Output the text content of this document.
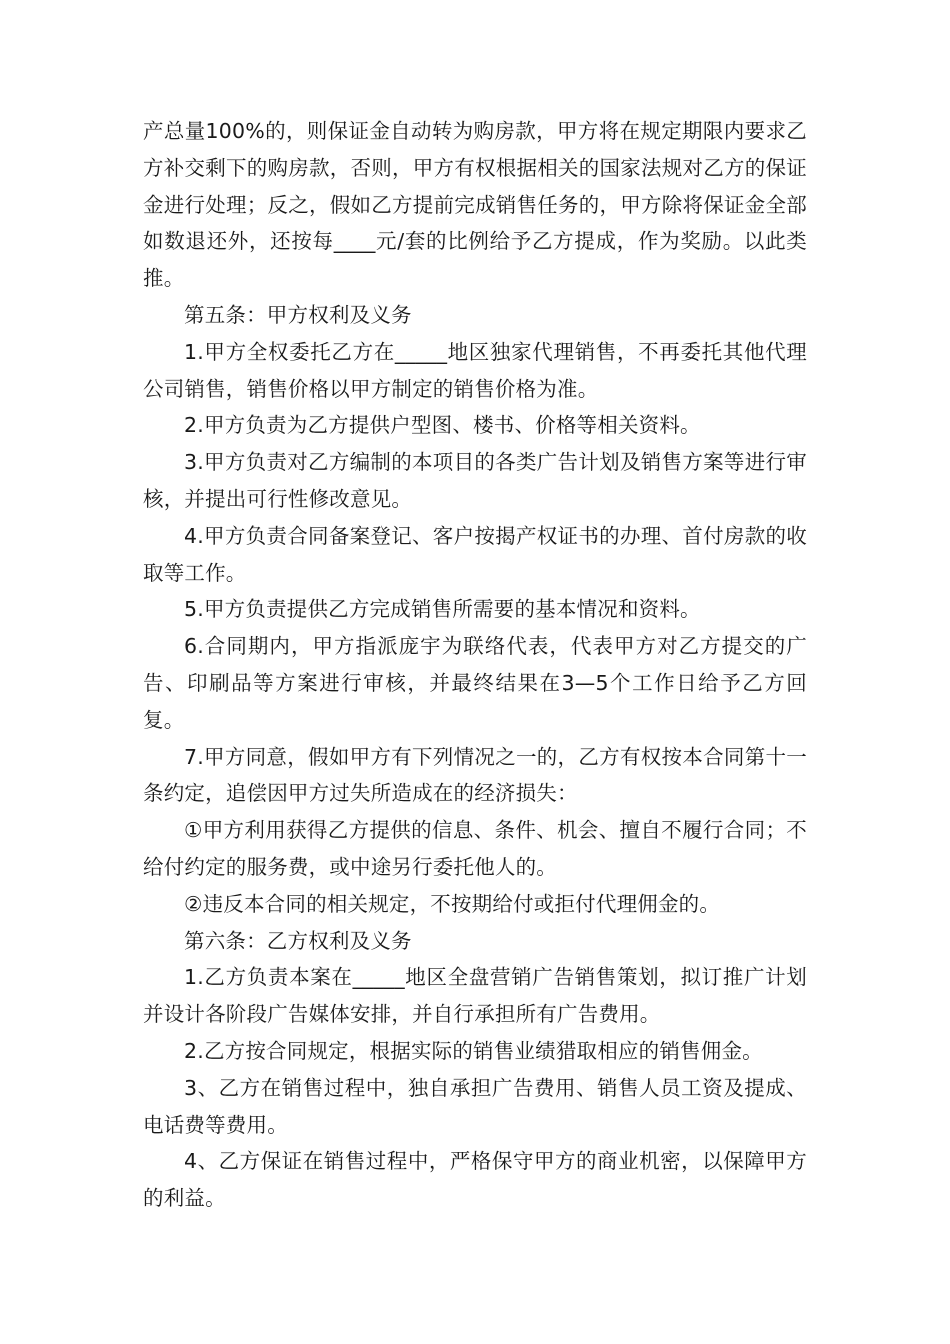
产总量100%的，则保证金自动转为购房款，甲方将在规定期限内要求乙方补交剩下的购房款，否则，甲方有权根据相关的国家法规对乙方的保证金进行处理；反之，假如乙方提前完成销售任务的，甲方除将保证金全部如数退还外，还按每____元/套的比例给予乙方提成，作为奖励。以此类推。

第五条：甲方权利及义务

1.甲方全权委托乙方在_____地区独家代理销售，不再委托其他代理公司销售，销售价格以甲方制定的销售价格为准。

2.甲方负责为乙方提供户型图、楼书、价格等相关资料。

3.甲方负责对乙方编制的本项目的各类广告计划及销售方案等进行审核，并提出可行性修改意见。

4.甲方负责合同备案登记、客户按揭产权证书的办理、首付房款的收取等工作。

5.甲方负责提供乙方完成销售所需要的基本情况和资料。

6.合同期内，甲方指派庞宇为联络代表，代表甲方对乙方提交的广告、印刷品等方案进行审核，并最终结果在3—5个工作日给予乙方回复。

7.甲方同意，假如甲方有下列情况之一的，乙方有权按本合同第十一条约定，追偿因甲方过失所造成在的经济损失：

①甲方利用获得乙方提供的信息、条件、机会、擅自不履行合同；不给付约定的服务费，或中途另行委托他人的。

②违反本合同的相关规定，不按期给付或拒付代理佣金的。

第六条：乙方权利及义务

1.乙方负责本案在_____地区全盘营销广告销售策划，拟订推广计划并设计各阶段广告媒体安排，并自行承担所有广告费用。

2.乙方按合同规定，根据实际的销售业绩猎取相应的销售佣金。

3、乙方在销售过程中，独自承担广告费用、销售人员工资及提成、电话费等费用。

4、乙方保证在销售过程中，严格保守甲方的商业机密，以保障甲方的利益。
